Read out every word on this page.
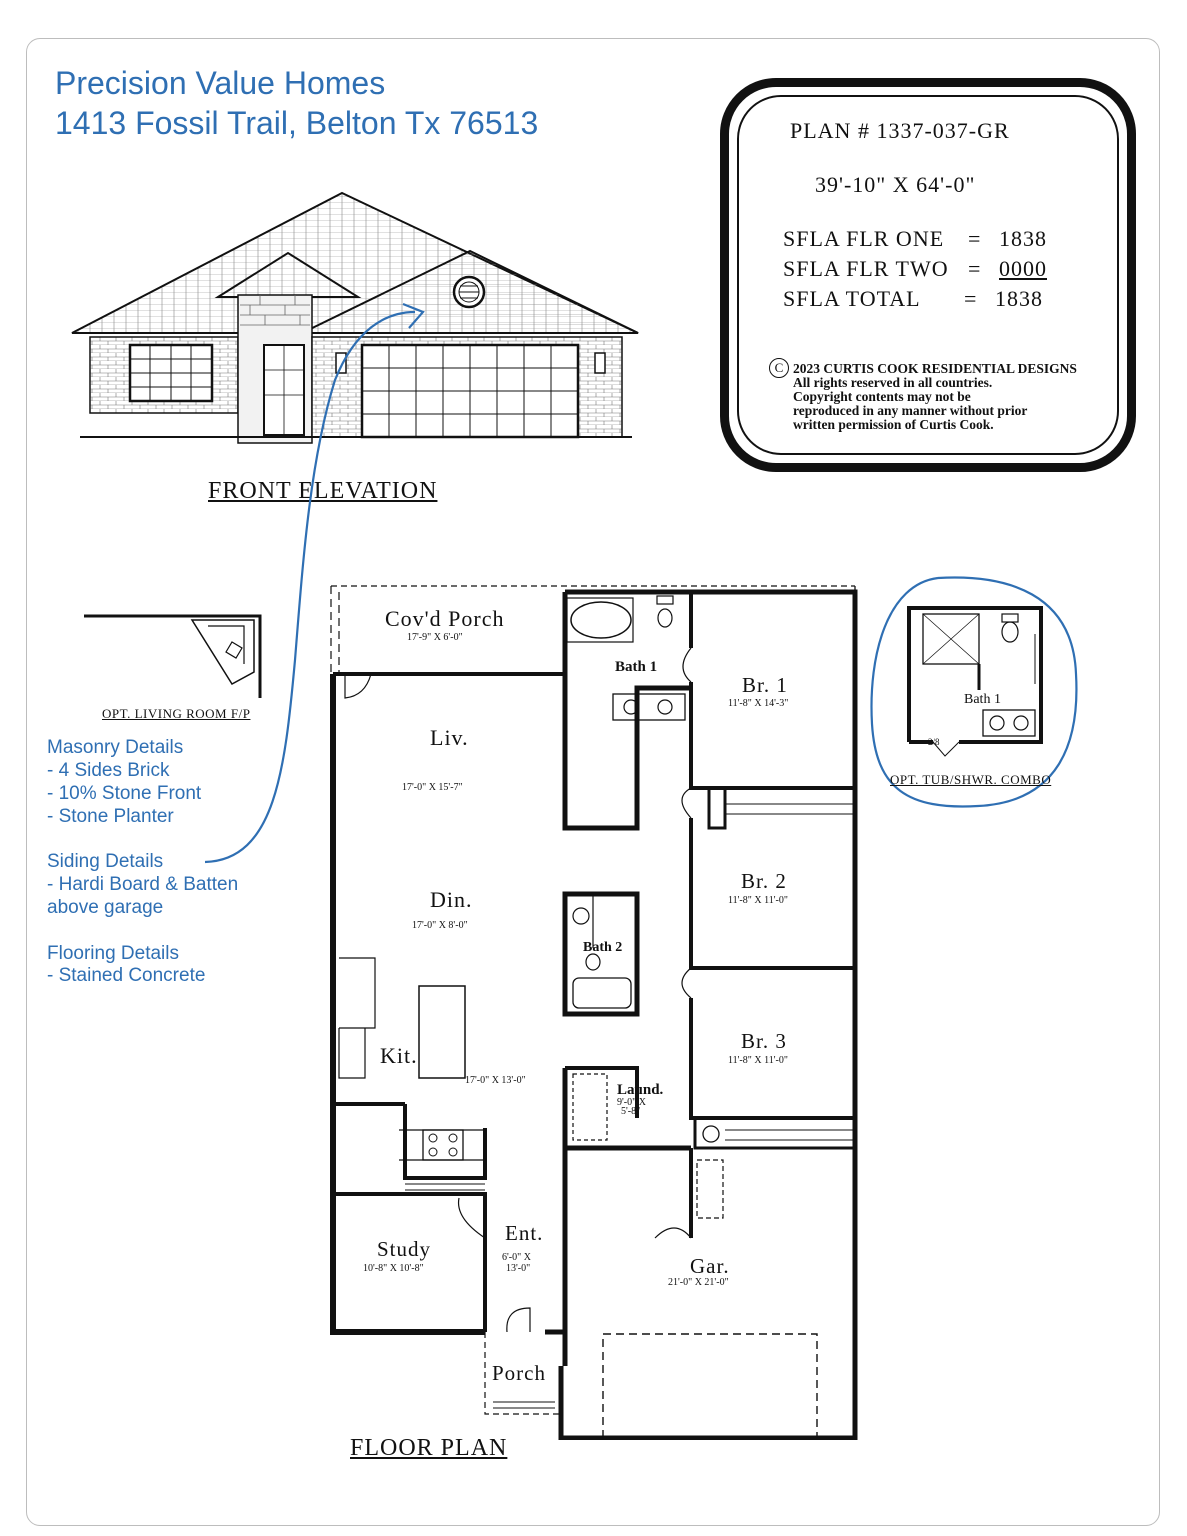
Precision Value Homes
1413 Fossil Trail, Belton Tx 76513	PLAN # 1337-037-GR
39'-10" X 64'-0"
SFLA FLR ONE = 1838
SFLA FLR TWO = 0000
SFLA TOTAL = 1838
C 2023 CURTIS COOK RESIDENTIAL DESIGNS
All rights reserved in all countries.
Copyright contents may not be
reproduced in any manner without prior
written permission of Curtis Cook.
FRONT ELEVATION
OPT. LIVING ROOM F/P
Masonry Details
- 4 Sides Brick
- 10% Stone Front
- Stone Planter
Siding Details
- Hardi Board & Batten
above garage
Flooring Details
- Stained Concrete
Bath 1
2/8
OPT. TUB/SHWR. COMBO
Cov'd Porch
17'-9" X 6'-0"
Bath 1
Br. 1
11'-8" X 14'-3"
Liv.
17'-0" X 15'-7"
Br. 2
11'-8" X 11'-0"
Din.
17'-0" X 8'-0"
Bath 2
Br. 3
11'-8" X 11'-0"
Kit.
17'-0" X 13'-0"
Laund.
9'-0" X
5'-8"
Ent.
6'-0" X
13'-0"
Study
10'-8" X 10'-8"	Gar.
21'-0" X 21'-0"
Porch
FLOOR PLAN
